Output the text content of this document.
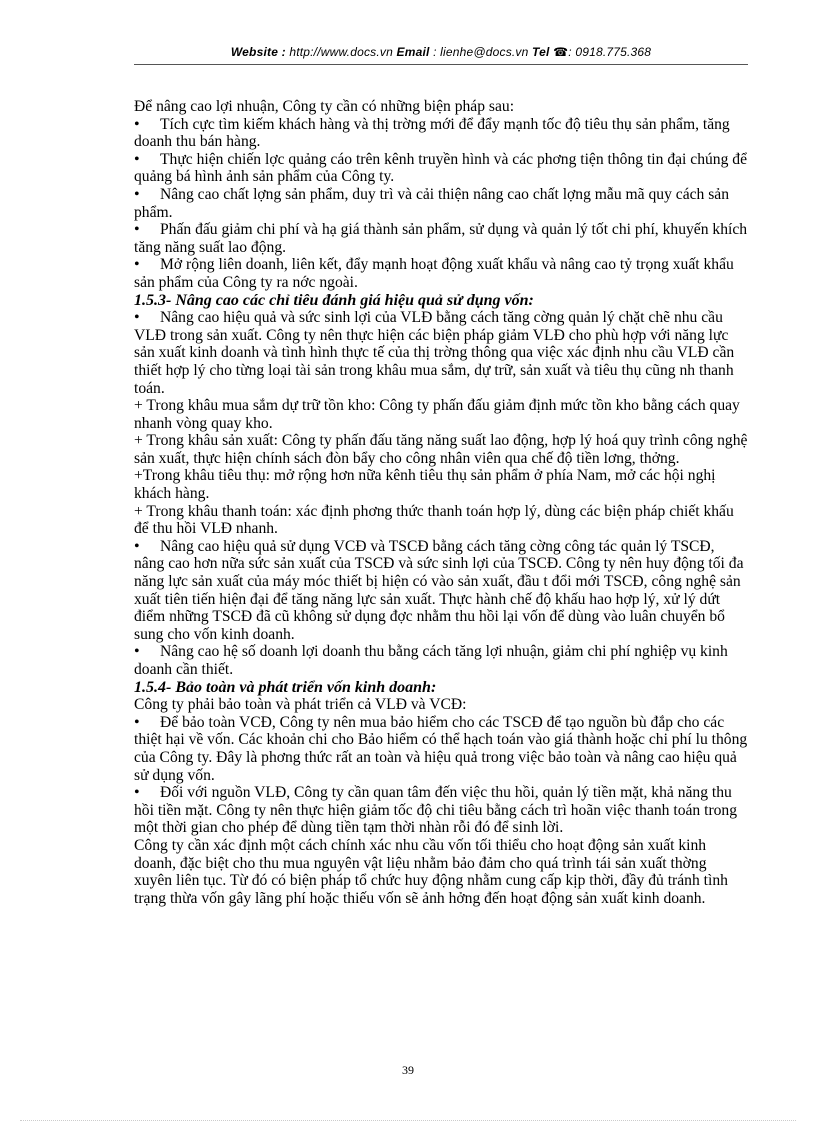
Website : http://www.docs.vn Email : lienhe@docs.vn Tel ☎: 0918.775.368
Để nâng cao lợi nhuận, Công ty cần có những biện pháp sau:
• Tích cực tìm kiếm khách hàng và thị trờng mới để đẩy mạnh tốc độ tiêu thụ sản phẩm, tăng doanh thu bán hàng.
• Thực hiện chiến lợc quảng cáo trên kênh truyền hình và các phơng tiện thông tin đại chúng để quảng bá hình ảnh sản phẩm của Công ty.
• Nâng cao chất lợng sản phẩm, duy trì và cải thiện nâng cao chất lợng mẫu mã quy cách sản phẩm.
• Phấn đấu giảm chi phí và hạ giá thành sản phẩm, sử dụng và quản lý tốt chi phí, khuyến khích tăng năng suất lao động.
• Mở rộng liên doanh, liên kết, đẩy mạnh hoạt động xuất khẩu và nâng cao tỷ trọng xuất khẩu sản phẩm của Công ty ra nớc ngoài.
1.5.3- Nâng cao các chỉ tiêu đánh giá hiệu quả sử dụng vốn:
• Nâng cao hiệu quả và sức sinh lợi của VLĐ bằng cách tăng cờng quản lý chặt chẽ nhu cầu VLĐ trong sản xuất. Công ty nên thực hiện các biện pháp giảm VLĐ cho phù hợp với năng lực sản xuất kinh doanh và tình hình thực tế của thị trờng thông qua việc xác định nhu cầu VLĐ cần thiết hợp lý cho từng loại tài sản trong khâu mua sắm, dự trữ, sản xuất và tiêu thụ cũng nh thanh toán.
+ Trong khâu mua sắm dự trữ tồn kho: Công ty phấn đấu giảm định mức tồn kho bằng cách quay nhanh vòng quay kho.
+ Trong khâu sản xuất: Công ty phấn đấu tăng năng suất lao động, hợp lý hoá quy trình công nghệ sản xuất, thực hiện chính sách đòn bẩy cho công nhân viên qua chế độ tiền lơng, thởng.
+Trong khâu tiêu thụ: mở rộng hơn nữa kênh tiêu thụ sản phẩm ở phía Nam, mở các hội nghị khách hàng.
+ Trong khâu thanh toán: xác định phơng thức thanh toán hợp lý, dùng các biện pháp chiết khấu để thu hồi VLĐ nhanh.
• Nâng cao hiệu quả sử dụng VCĐ và TSCĐ bằng cách tăng cờng công tác quản lý TSCĐ, nâng cao hơn nữa sức sản xuất của TSCĐ và sức sinh lợi của TSCĐ. Công ty nên huy động tối đa năng lực sản xuất của máy móc thiết bị hiện có vào sản xuất, đầu t đổi mới TSCĐ, công nghệ sản xuất tiên tiến hiện đại để tăng năng lực sản xuất. Thực hành chế độ khấu hao hợp lý, xử lý dứt điểm những TSCĐ đã cũ không sử dụng đợc nhằm thu hồi lại vốn để dùng vào luân chuyển bổ sung cho vốn kinh doanh.
• Nâng cao hệ số doanh lợi doanh thu bằng cách tăng lợi nhuận, giảm chi phí nghiệp vụ kinh doanh cần thiết.
1.5.4- Bảo toàn và phát triển vốn kinh doanh:
Công ty phải bảo toàn và phát triển cả VLĐ và VCĐ:
• Để bảo toàn VCĐ, Công ty nên mua bảo hiểm cho các TSCĐ để tạo nguồn bù đắp cho các thiệt hại về vốn. Các khoản chi cho Bảo hiểm có thể hạch toán vào giá thành hoặc chi phí lu thông của Công ty. Đây là phơng thức rất an toàn và hiệu quả trong việc bảo toàn và nâng cao hiệu quả sử dụng vốn.
• Đối với nguồn VLĐ, Công ty cần quan tâm đến việc thu hồi, quản lý tiền mặt, khả năng thu hồi tiền mặt. Công ty nên thực hiện giảm tốc độ chi tiêu bằng cách trì hoãn việc thanh toán trong một thời gian cho phép để dùng tiền tạm thời nhàn rỗi đó để sinh lời.
Công ty cần xác định một cách chính xác nhu cầu vốn tối thiểu cho hoạt động sản xuất kinh doanh, đặc biệt cho thu mua nguyên vật liệu nhằm bảo đảm cho quá trình tái sản xuất thờng xuyên liên tục. Từ đó có biện pháp tổ chức huy động nhằm cung cấp kịp thời, đầy đủ tránh tình trạng thừa vốn gây lãng phí hoặc thiếu vốn sẽ ảnh hởng đến hoạt động sản xuất kinh doanh.
39
